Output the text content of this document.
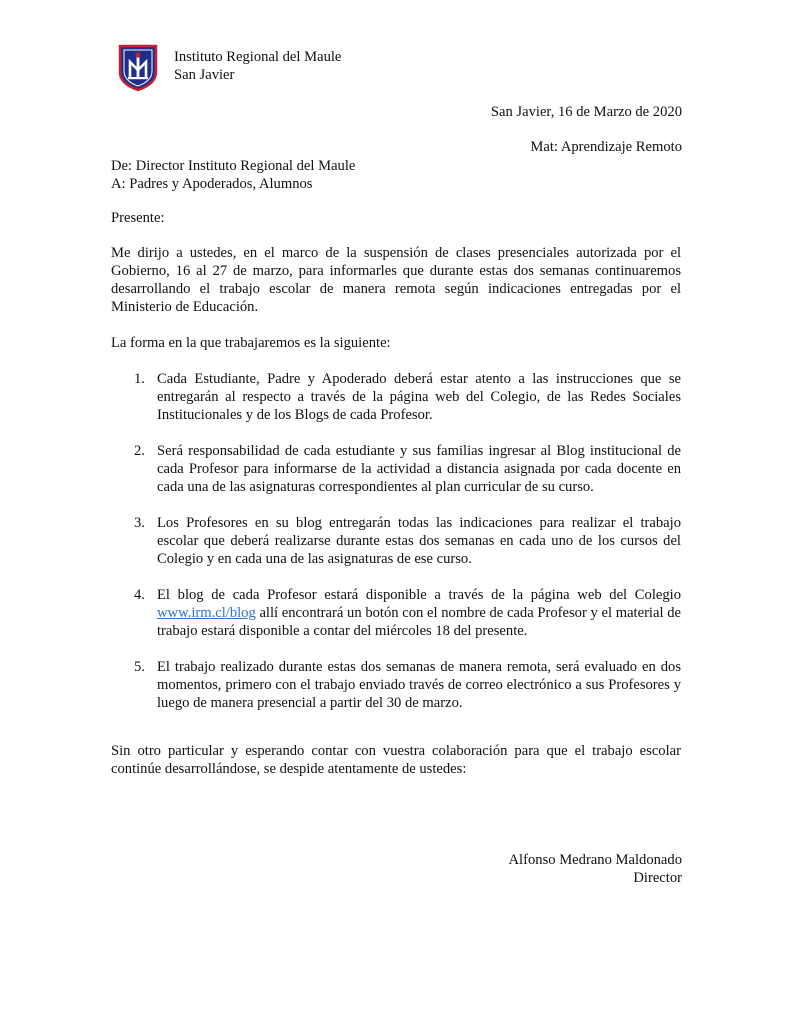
Instituto Regional del Maule
San Javier
San Javier, 16 de Marzo de 2020
Mat: Aprendizaje Remoto
De: Director Instituto Regional del Maule
A: Padres y Apoderados, Alumnos
Presente:

Me dirijo a ustedes, en el marco de la suspensión de clases presenciales autorizada por el Gobierno, 16 al 27 de marzo, para informarles que durante estas dos semanas continuaremos desarrollando el trabajo escolar de manera remota según indicaciones entregadas por el Ministerio de Educación.

La forma en la que trabajaremos es la siguiente:
1. Cada Estudiante, Padre y Apoderado deberá estar atento a las instrucciones que se entregarán al respecto a través de la página web del Colegio, de las Redes Sociales Institucionales y de los Blogs de cada Profesor.
2. Será responsabilidad de cada estudiante y sus familias ingresar al Blog institucional de cada Profesor para informarse de la actividad a distancia asignada por cada docente en cada una de las asignaturas correspondientes al plan curricular de su curso.
3. Los Profesores en su blog entregarán todas las indicaciones para realizar el trabajo escolar que deberá realizarse durante estas dos semanas en cada uno de los cursos del Colegio y en cada una de las asignaturas de ese curso.
4. El blog de cada Profesor estará disponible a través de la página web del Colegio www.irm.cl/blog allí encontrará un botón con el nombre de cada Profesor y el material de trabajo estará disponible a contar del miércoles 18 del presente.
5. El trabajo realizado durante estas dos semanas de manera remota, será evaluado en dos momentos, primero con el trabajo enviado través de correo electrónico a sus Profesores y luego de manera presencial a partir del 30 de marzo.

Sin otro particular y esperando contar con vuestra colaboración para que el trabajo escolar continúe desarrollándose, se despide atentamente de ustedes:

Alfonso Medrano Maldonado
Director
